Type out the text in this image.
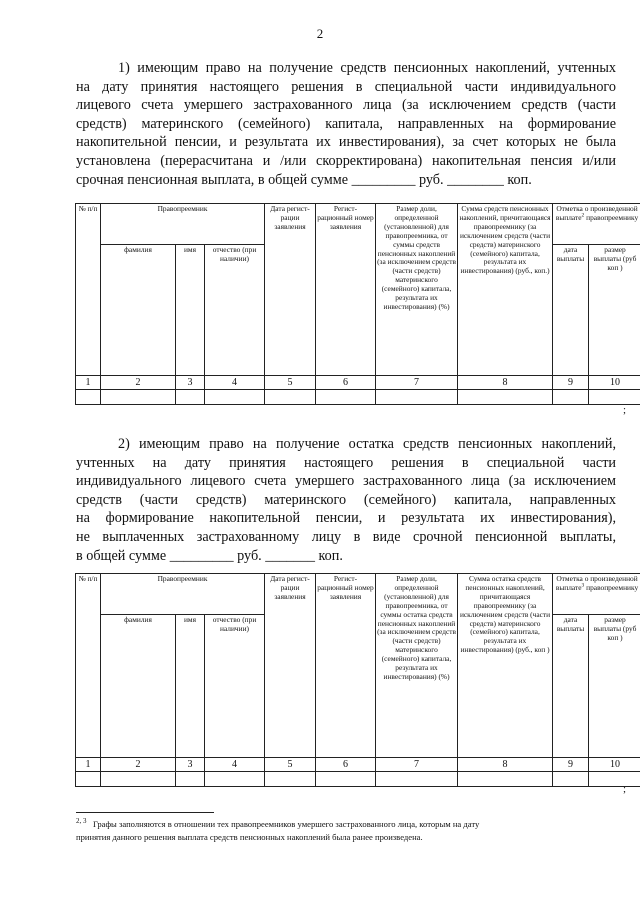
2

1) имеющим право на получение средств пенсионных накоплений, учтенных
на дату принятия настоящего решения в специальной части индивидуального
лицевого счета умершего застрахованного лица (за исключением средств (части
средств) материнского (семейного) капитала, направленных на формирование
накопительной пенсии, и результата их инвестирования), за счет которых не была
установлена (перерасчитана и /или скорректирована) накопительная пенсия и/или
срочная пенсионная выплата, в общей сумме _________ руб. ________ коп.

№ п/п	Правопреемник			Дата регист-рации заявления	Регист-рационный номер заявления	Размер доли, определенной (установленной) для правопреемника, от суммы средств пенсионных накоплений (за исключением средств (части средств) материнского (семейного) капитала, результата их инвестирования) (%)	Сумма средств пенсионных накоплений, причитающаяся правопреемнику (за исключением средств (части средств) материнского (семейного) капитала, результата их инвестирования) (руб., коп.)	Отметка о произведенной выплате$^2$ правопреемнику	
	фамилия	имя	отчество (при наличии)					дата выплаты	размер выплаты (руб коп )
1	2	3	4	5	6	7	8	9	10

;

2) имеющим право на получение остатка средств пенсионных накоплений,
учтенных на дату принятия настоящего решения в специальной части
индивидуального лицевого счета умершего застрахованного лица (за исключением
средств (части средств) материнского (семейного) капитала, направленных
на формирование накопительной пенсии, и результата их инвестирования),
не выплаченных застрахованному лицу в виде срочной пенсионной выплаты,
в общей сумме _________ руб. _______ коп.

№ п/п	Правопреемник			Дата регист-рации заявления	Регист-рационный номер заявления	Размер доли, определенной (установленной) для правопреемника, от суммы остатка средств пенсионных накоплений (за исключением средств (части средств) материнского (семейного) капитала, результата их инвестирования) (%)	Сумма остатка средств пенсионных накоплений, причитающаяся правопреемнику (за исключением средств (части средств) материнского (семейного) капитала, результата их инвестирования) (руб., коп )	Отметка о произведенной выплате$^3$ правопреемнику	
	фамилия	имя	отчество (при наличии)					дата выплаты	размер выплаты (руб коп )
1	2	3	4	5	6	7	8	9	10

;
$^{2, 3}$ Графы заполняются в отношении тех правопреемников умершего застрахованного лица, которым на дату
принятия данного решения выплата средств пенсионных накоплений была ранее произведена.
